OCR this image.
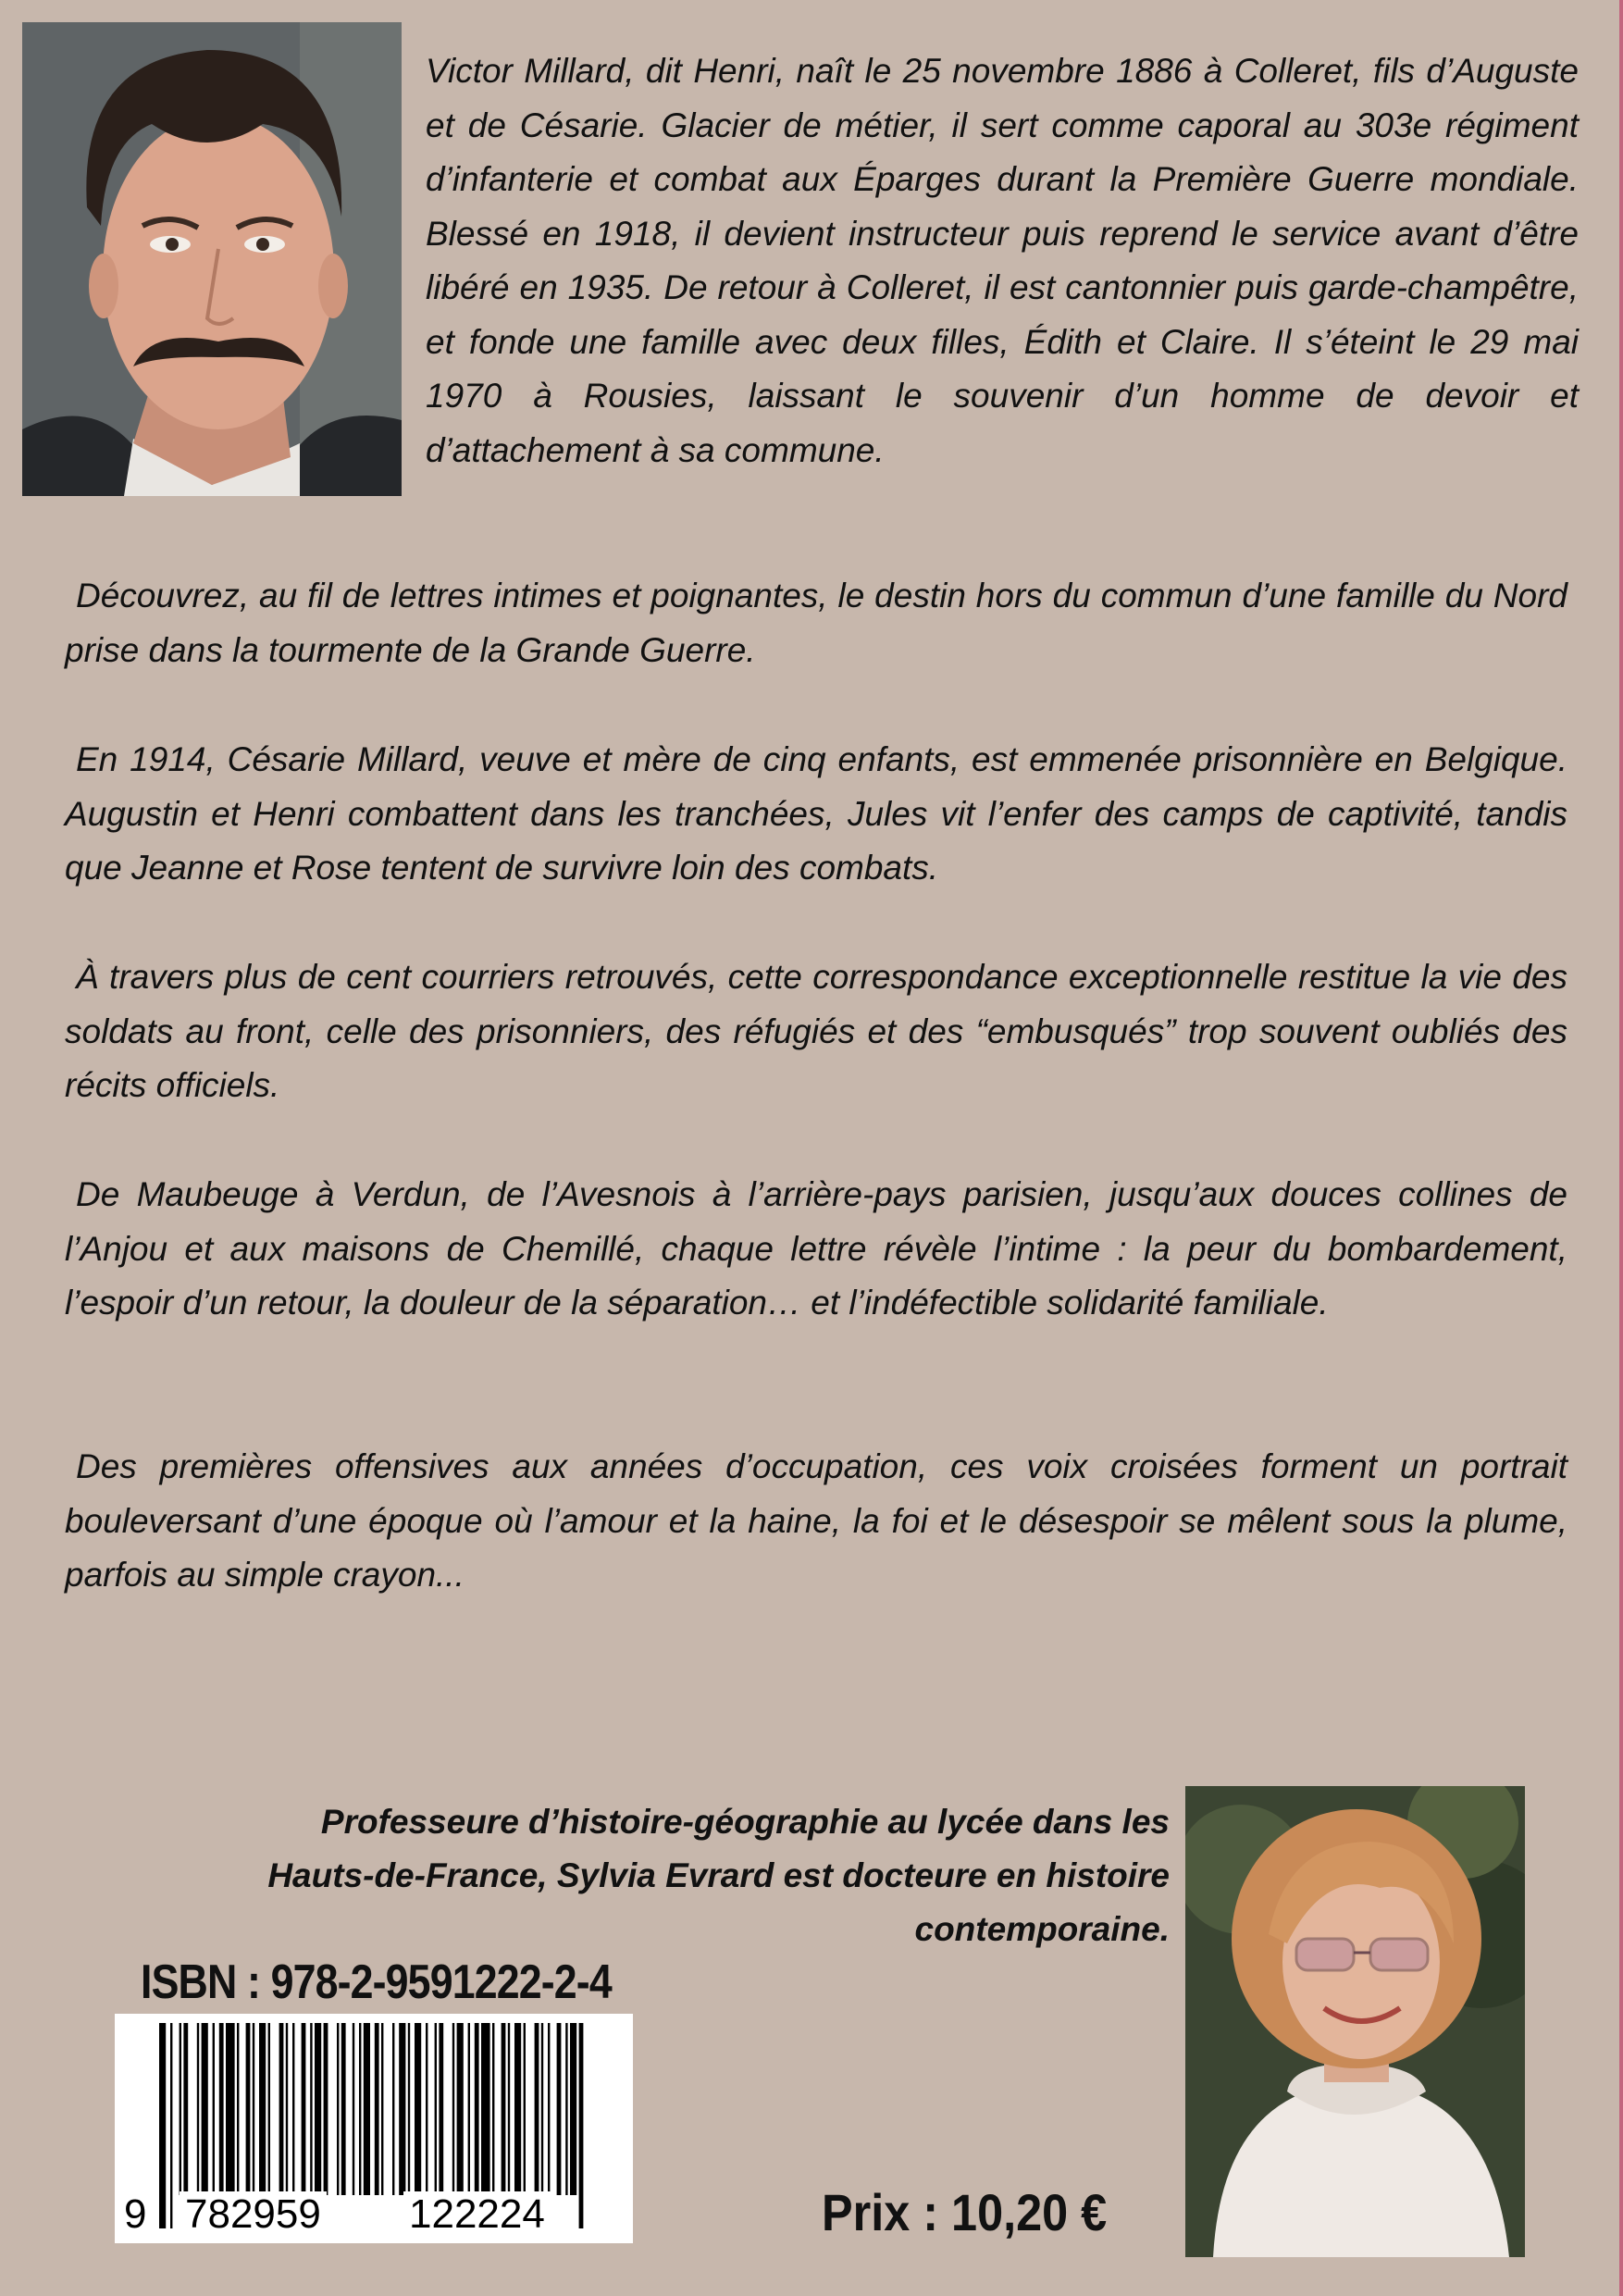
Victor Millard, dit Henri, naît le 25 novembre 1886 à Colleret, fils d’Auguste et de Césarie. Glacier de métier, il sert comme caporal au 303e régiment d’infanterie et combat aux Éparges durant la Première Guerre mondiale. Blessé en 1918, il devient instructeur puis reprend le service avant d’être libéré en 1935. De retour à Colleret, il est cantonnier puis garde-champêtre, et fonde une famille avec deux filles, Édith et Claire. Il s’éteint le 29 mai 1970 à Rousies, laissant le souvenir d’un homme de devoir et d’attachement à sa commune.

Découvrez, au fil de lettres intimes et poignantes, le destin hors du commun d’une famille du Nord prise dans la tourmente de la Grande Guerre.

En 1914, Césarie Millard, veuve et mère de cinq enfants, est emmenée prisonnière en Belgique. Augustin et Henri combattent dans les tranchées, Jules vit l’enfer des camps de captivité, tandis que Jeanne et Rose tentent de survivre loin des combats.

À travers plus de cent courriers retrouvés, cette correspondance exceptionnelle restitue la vie des soldats au front, celle des prisonniers, des réfugiés et des “embusqués” trop souvent oubliés des récits officiels.

De Maubeuge à Verdun, de l’Avesnois à l’arrière-pays parisien, jusqu’aux douces collines de l’Anjou et aux maisons de Chemillé, chaque lettre révèle l’intime : la peur du bombardement, l’espoir d’un retour, la douleur de la séparation… et l’indéfectible solidarité familiale.

Des premières offensives aux années d’occupation, ces voix croisées forment un portrait bouleversant d’une époque où l’amour et la haine, la foi et le désespoir se mêlent sous la plume, parfois au simple crayon...

Professeure d’histoire-géographie au lycée dans les Hauts-de-France, Sylvia Evrard est docteure en histoire contemporaine.

ISBN : 978-2-9591222-2-4
9 782959 122224	Prix : 10,20 €
